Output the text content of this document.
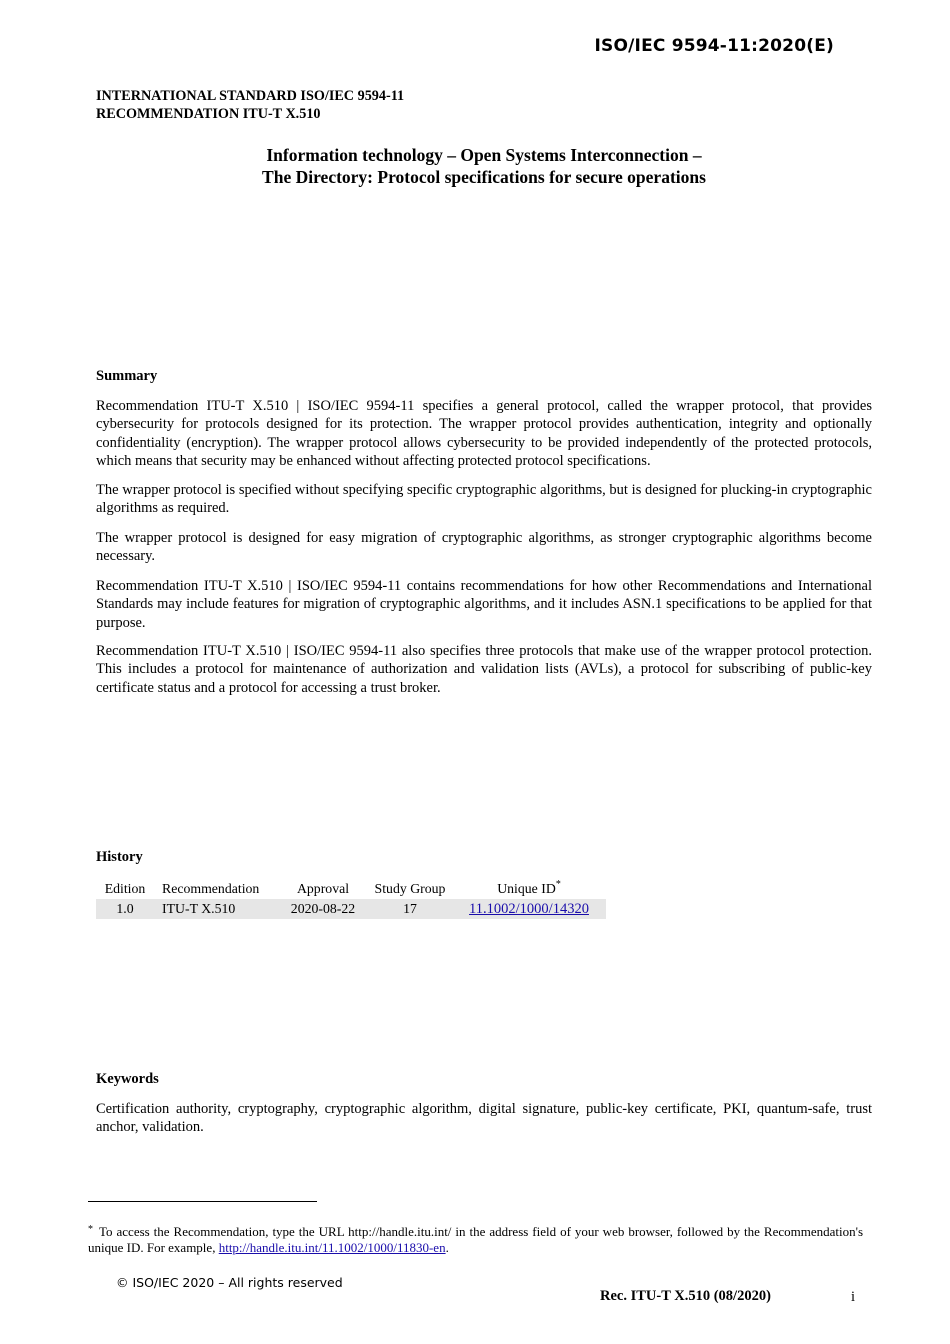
ISO/IEC 9594-11:2020(E)
INTERNATIONAL STANDARD ISO/IEC 9594-11
RECOMMENDATION ITU-T X.510
Information technology – Open Systems Interconnection –
The Directory: Protocol specifications for secure operations
Summary
Recommendation ITU-T X.510 | ISO/IEC 9594-11 specifies a general protocol, called the wrapper protocol, that provides cybersecurity for protocols designed for its protection. The wrapper protocol provides authentication, integrity and optionally confidentiality (encryption). The wrapper protocol allows cybersecurity to be provided independently of the protected protocols, which means that security may be enhanced without affecting protected protocol specifications.
The wrapper protocol is specified without specifying specific cryptographic algorithms, but is designed for plucking-in cryptographic algorithms as required.
The wrapper protocol is designed for easy migration of cryptographic algorithms, as stronger cryptographic algorithms become necessary.
Recommendation ITU-T X.510 | ISO/IEC 9594-11 contains recommendations for how other Recommendations and International Standards may include features for migration of cryptographic algorithms, and it includes ASN.1 specifications to be applied for that purpose.
Recommendation ITU-T X.510 | ISO/IEC 9594-11 also specifies three protocols that make use of the wrapper protocol protection. This includes a protocol for maintenance of authorization and validation lists (AVLs), a protocol for subscribing of public-key certificate status and a protocol for accessing a trust broker.
History
Edition	Recommendation	Approval	Study Group	Unique ID*
1.0	ITU-T X.510	2020-08-22	17	11.1002/1000/14320
Keywords
Certification authority, cryptography, cryptographic algorithm, digital signature, public-key certificate, PKI, quantum-safe, trust anchor, validation.
* To access the Recommendation, type the URL http://handle.itu.int/ in the address field of your web browser, followed by the Recommendation's unique ID. For example, http://handle.itu.int/11.1002/1000/11830-en.
© ISO/IEC 2020 – All rights reserved
Rec. ITU-T X.510 (08/2020)	i
